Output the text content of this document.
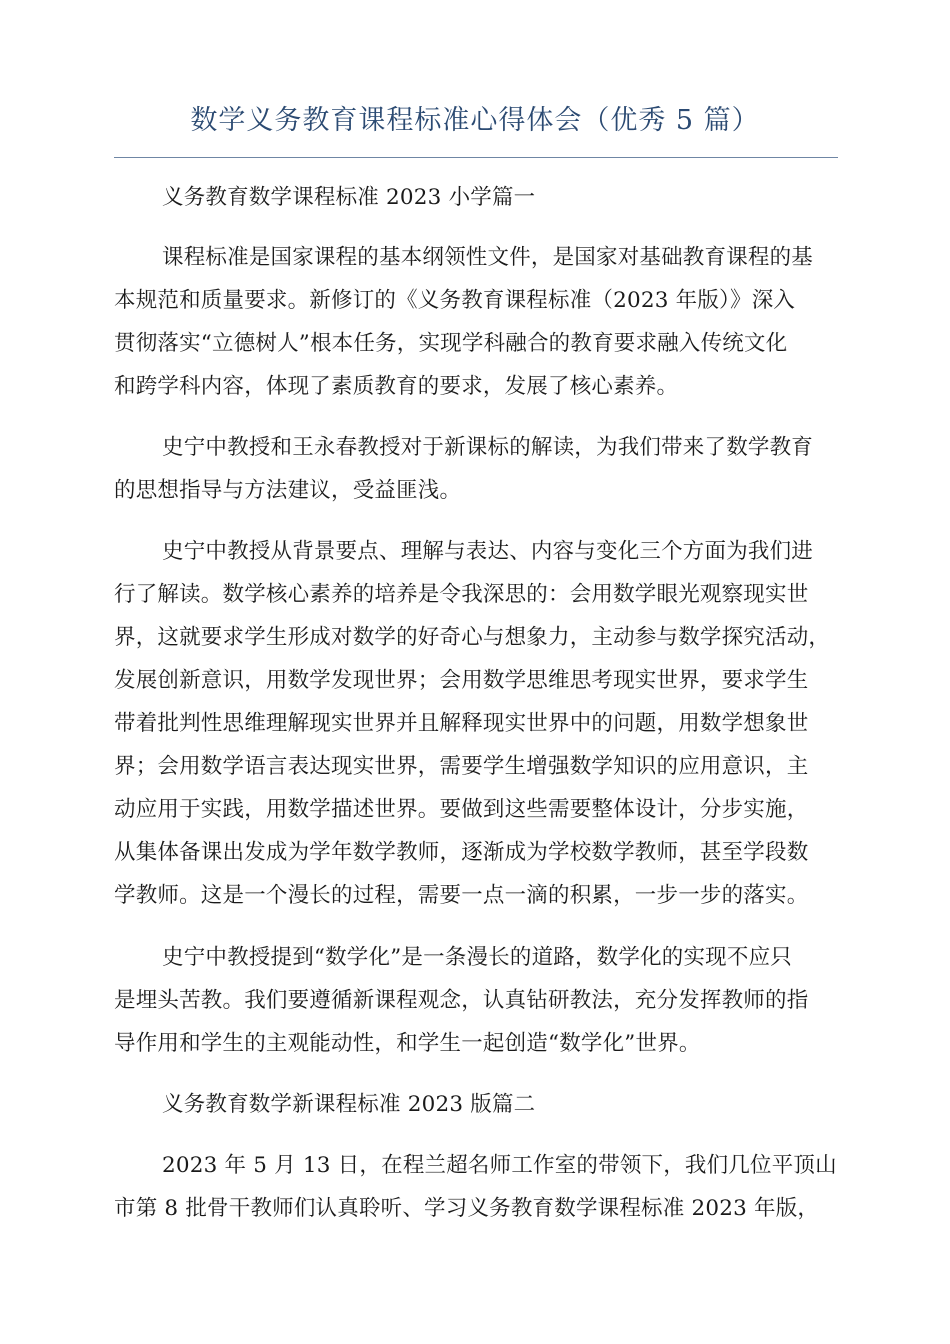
数学义务教育课程标准心得体会（优秀 5 篇）
义务教育数学课程标准 2023 小学篇一
课程标准是国家课程的基本纲领性文件，是国家对基础教育课程的基
本规范和质量要求。新修订的《义务教育课程标准（2023 年版）》深入
贯彻落实“立德树人”根本任务，实现学科融合的教育要求融入传统文化
和跨学科内容，体现了素质教育的要求，发展了核心素养。
史宁中教授和王永春教授对于新课标的解读，为我们带来了数学教育
的思想指导与方法建议，受益匪浅。
史宁中教授从背景要点、理解与表达、内容与变化三个方面为我们进
行了解读。数学核心素养的培养是令我深思的：会用数学眼光观察现实世
界，这就要求学生形成对数学的好奇心与想象力，主动参与数学探究活动，
发展创新意识，用数学发现世界；会用数学思维思考现实世界，要求学生
带着批判性思维理解现实世界并且解释现实世界中的问题，用数学想象世
界；会用数学语言表达现实世界，需要学生增强数学知识的应用意识，主
动应用于实践，用数学描述世界。要做到这些需要整体设计，分步实施，
从集体备课出发成为学年数学教师，逐渐成为学校数学教师，甚至学段数
学教师。这是一个漫长的过程，需要一点一滴的积累，一步一步的落实。
史宁中教授提到“数学化”是一条漫长的道路，数学化的实现不应只
是埋头苦教。我们要遵循新课程观念，认真钻研教法，充分发挥教师的指
导作用和学生的主观能动性，和学生一起创造“数学化”世界。
义务教育数学新课程标准 2023 版篇二
2023 年 5 月 13 日，在程兰超名师工作室的带领下，我们几位平顶山
市第 8 批骨干教师们认真聆听、学习义务教育数学课程标准 2023 年版，
